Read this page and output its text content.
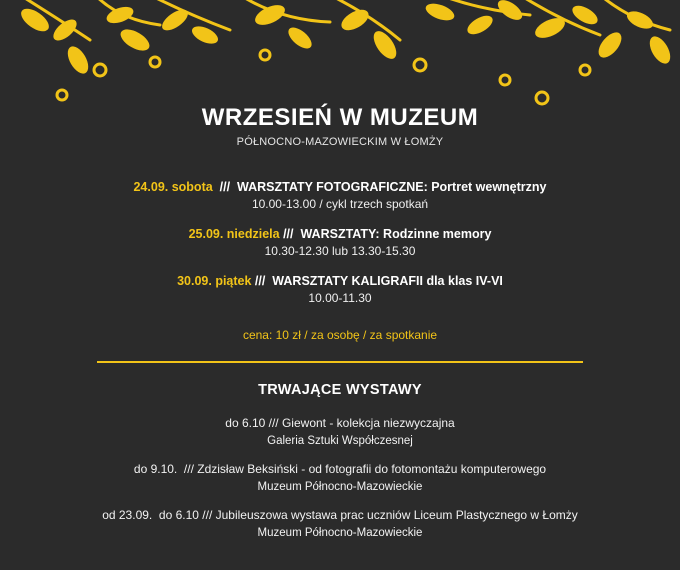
WRZESIEŃ W MUZEUM
PÓŁNOCNO-MAZOWIECKIM W ŁOMŻY
24.09. sobota  ///  WARSZTATY FOTOGRAFICZNE: Portret wewnętrzny
10.00-13.00 / cykl trzech spotkań
25.09. niedziela ///  WARSZTATY: Rodzinne memory
10.30-12.30 lub 13.30-15.30
30.09. piątek ///  WARSZTATY KALIGRAFII dla klas IV-VI
10.00-11.30
cena: 10 zł / za osobę / za spotkanie
TRWAJĄCE WYSTAWY
do 6.10 /// Giewont - kolekcja niezwyczajna
Galeria Sztuki Współczesnej
do 9.10.  /// Zdzisław Beksiński - od fotografii do fotomontażu komputerowego
Muzeum Północno-Mazowieckie
od 23.09.  do 6.10 /// Jubileuszowa wystawa prac uczniów Liceum Plastycznego w Łomży
Muzeum Północno-Mazowieckie
